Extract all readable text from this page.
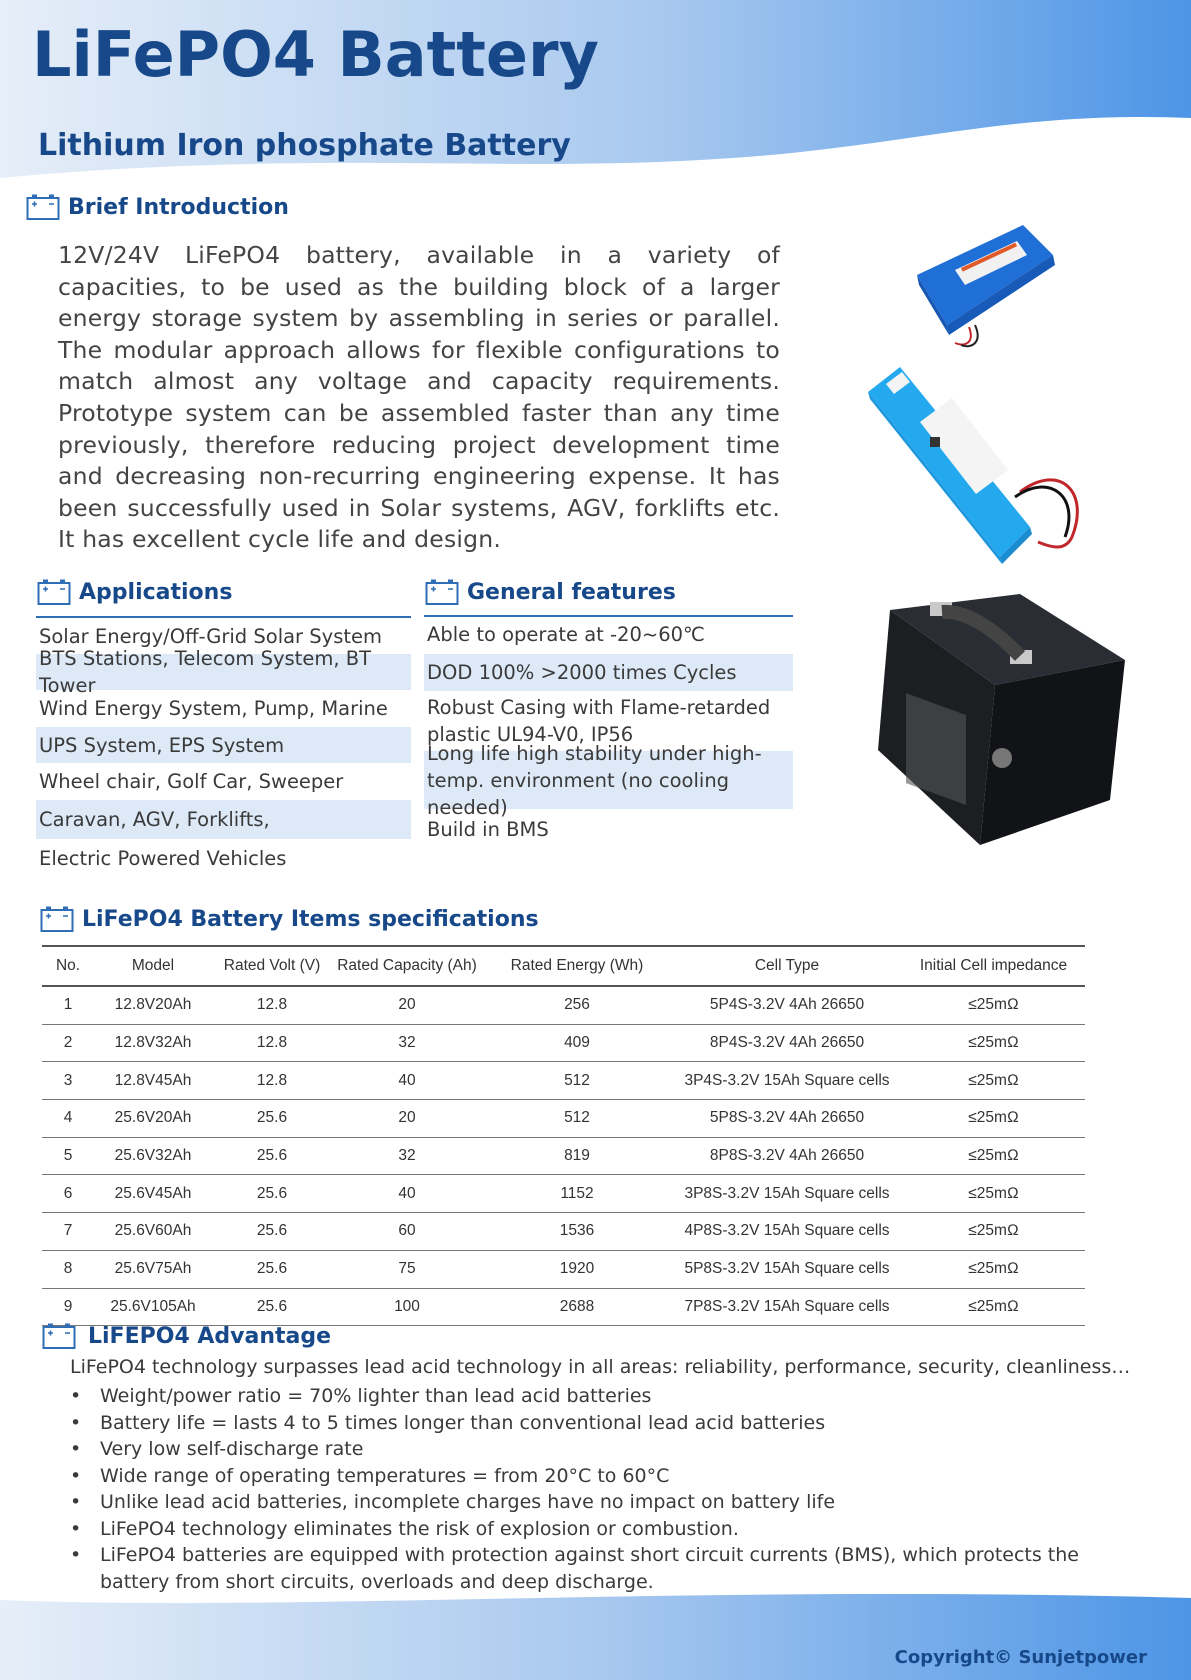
LiFePO4 Battery
Lithium Iron phosphate Battery
Brief Introduction
12V/24V LiFePO4 battery, available in a variety of capacities, to be used as the building block of a larger energy storage system by assembling in series or parallel. The modular approach allows for flexible configurations to match almost any voltage and capacity requirements. Prototype system can be assembled faster than any time previously, therefore reducing project development time and decreasing non-recurring engineering expense. It has been successfully used in Solar systems, AGV, forklifts etc. It has excellent cycle life and design.
Applications
Solar Energy/Off-Grid Solar System
BTS Stations, Telecom System, BT Tower
Wind Energy System, Pump, Marine
UPS System, EPS System
Wheel chair, Golf Car, Sweeper
Caravan, AGV, Forklifts,
Electric Powered Vehicles
General features
Able to operate at -20~60℃
DOD 100% >2000 times Cycles
Robust Casing with Flame-retarded plastic UL94-V0, IP56
Long life high stability under high-temp. environment (no cooling needed)
Build in BMS
LiFePO4 Battery Items specifications
No.	Model	Rated Volt (V)	Rated Capacity (Ah)	Rated Energy (Wh)	Cell Type	Initial Cell impedance
1	12.8V20Ah	12.8	20	256	5P4S-3.2V 4Ah 26650	≤25mΩ
2	12.8V32Ah	12.8	32	409	8P4S-3.2V 4Ah 26650	≤25mΩ
3	12.8V45Ah	12.8	40	512	3P4S-3.2V 15Ah Square cells	≤25mΩ
4	25.6V20Ah	25.6	20	512	5P8S-3.2V 4Ah 26650	≤25mΩ
5	25.6V32Ah	25.6	32	819	8P8S-3.2V 4Ah 26650	≤25mΩ
6	25.6V45Ah	25.6	40	1152	3P8S-3.2V 15Ah Square cells	≤25mΩ
7	25.6V60Ah	25.6	60	1536	4P8S-3.2V 15Ah Square cells	≤25mΩ
8	25.6V75Ah	25.6	75	1920	5P8S-3.2V 15Ah Square cells	≤25mΩ
9	25.6V105Ah	25.6	100	2688	7P8S-3.2V 15Ah Square cells	≤25mΩ
LiFEPO4 Advantage
LiFePO4 technology surpasses lead acid technology in all areas: reliability, performance, security, cleanliness…
• Weight/power ratio = 70% lighter than lead acid batteries
• Battery life = lasts 4 to 5 times longer than conventional lead acid batteries
• Very low self-discharge rate
• Wide range of operating temperatures = from 20°C to 60°C
• Unlike lead acid batteries, incomplete charges have no impact on battery life
• LiFePO4 technology eliminates the risk of explosion or combustion.
• LiFePO4 batteries are equipped with protection against short circuit currents (BMS), which protects the battery from short circuits, overloads and deep discharge.
Copyright© Sunjetpower
